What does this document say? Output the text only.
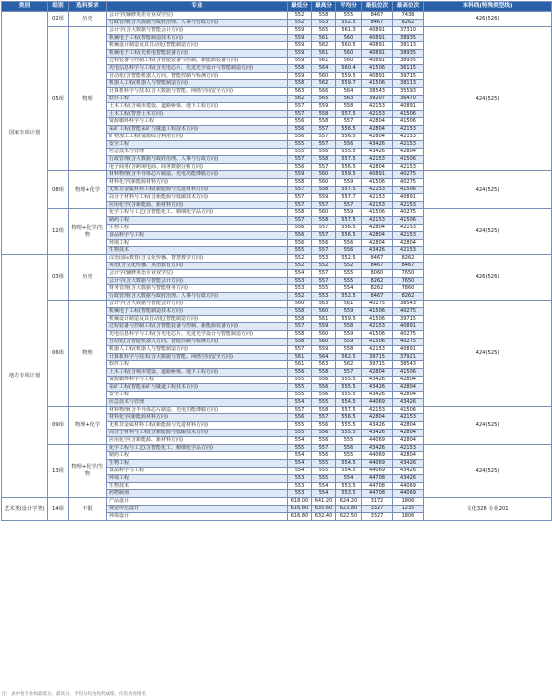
类别	组别	选科要求	专业	最低分	最高分	平均分	最低位次	最高位次	本科线(特殊类型线)
国家专项计划	02组	历史	会计学(辅修英语专业双学位)	552	558	555	8467	7438	426(526)
			行政管理(含大数据与政府治理、人事与行政方向)	552	553	552.5	8467	8262	
	05组	物理	会计学(含大数据与智能会计方向)	559	565	561.3	40891	37310	424(525)
			机械电子工程(智能制造技术方向)	559	561	560	40891	38935	
			机械设计制造及其自动化(智能制造方向)	559	562	560.5	40891	38113	
			机械电子工程(光机电智能装备方向)	559	561	560	40891	38935	
			过程装备与控制工程(含智能装备与控制、新能源装备方向)	559	561	560	40891	38935	
			光电信息科学与工程(含光电芯片、先进光学设计与智能制造方向)	558	564	560.4	41506	36115	
			自动化(含智能机器人方向、智能控制与检测方向)	559	560	559.5	40891	39715	
			机器人工程(机器人与智能制造方向)	558	562	559.7	41506	38113	
			计算机科学与技术(含大数据与智能、网络空间安全方向)	563	566	564	38543	35593	
			软件工程	562	565	563	39207	36470	
			土木工程(含城市建设、道路桥梁、地下工程方向)	557	559	558	42153	40891	
			土木工程(智慧土木方向)	557	558	557.5	42153	41506	
			资源循环科学与工程	556	558	557	42804	41506	
			采矿工程(智能采矿与隧道工程技术方向)	556	557	556.5	42804	42153	
			矿物加工工程(资源综合利用方向)	556	557	556.5	42804	42153	
			安全工程	555	557	556	43426	42153	
			应急技术与管理	555	556	555.5	43426	42804	
			行政管理(含大数据与政府治理、人事与行政方向)	557	558	557.5	42153	41506	
			电子商务(含跨境电商、商务数据分析方向)	556	557	556.5	42804	42153	
	08组	物理+化学	材料物理(含半导体芯片制造、光电功能薄膜方向)	559	560	559.5	40891	40275	424(525)
			材料化学(新能源材料方向)	558	560	559	41506	40275	
			无机非金属材料工程(新能源与先进材料方向)	557	558	557.5	42153	41506	
			高分子材料与工程(含新能源与低碳技术方向)	557	559	557.7	42153	40891	
			应用化学(含新能源、新材料方向)	557	557	557	42153	42153	
	12组	物理+化学/生物	化学工程与工艺(含智能化工、精细化学品方向)	558	560	559	41506	40275	424(525)
			制药工程	557	558	557.5	42153	41506	
			生物工程	556	557	556.5	42804	42153	
			食品科学与工程	556	557	556.5	42804	42153	
			环境工程	556	556	556	42804	42804	
			生物技术	555	557	556	43426	42153	
地方专项计划	03组	历史	汉语国际教育(含文化传播、智慧教学方向)	552	553	552.5	8467	8262	426(526)
			英语(含文化传播、英语教育方向)	552	552	552	8467	8467	
			会计学(辅修英语专业双学位)	554	557	555	8060	7650	
			会计学(含大数据与智能会计方向)	553	557	555	8262	7650	
			财务管理(含大数据与智能财务方向)	553	555	554	8262	7860	
			行政管理(含大数据与政府治理、人事与行政方向)	552	553	552.5	8467	8262	
	06组	物理	会计学(含大数据与智能会计方向)	560	563	561	40275	38543	424(525)
			机械电子工程(智能制造技术方向)	558	560	559	41506	40275	
			机械设计制造及其自动化(智能制造方向)	558	561	559.5	41506	39715	
			过程装备与控制工程(含智能装备与控制、新能源装备方向)	557	559	558	42153	40891	
			光电信息科学与工程(含光电芯片、先进光学设计与智能制造方向)	558	560	559	41506	40275	
			自动化(含智能机器人方向、智能控制与检测方向)	558	560	559	41506	40275	
			机器人工程(机器人与智能制造方向)	557	559	558	42153	40891	
			计算机科学与技术(含大数据与智能、网络空间安全方向)	561	564	562.5	39715	37921	
			软件工程	561	563	562	39715	38543	
			土木工程(含城市建设、道路桥梁、地下工程方向)	556	558	557	42804	41506	
			资源循环科学与工程	555	556	555.5	43426	42804	
			采矿工程(智能采矿与隧道工程技术方向)	555	556	555.5	43426	42804	
			安全工程	555	556	555.5	43426	42804	
			应急技术与管理	554	555	554.5	44069	43426	
	09组	物理+化学	材料物理(含半导体芯片制造、光电功能薄膜方向)	557	558	557.5	42153	41506	424(525)
			材料化学(新能源材料方向)	556	557	556.5	42804	42153	
			无机非金属材料工程(新能源与先进材料方向)	555	556	555.5	43426	42804	
			高分子材料与工程(含新能源与低碳技术方向)	555	556	555.5	43426	42804	
			应用化学(含新能源、新材料方向)	554	556	555	44069	42804	
	13组	物理+化学/生物	化学工程与工艺(含智能化工、精细化学品方向)	555	557	556	43426	42153	424(525)
			制药工程	554	556	555	44069	42804	
			生物工程	554	555	554.5	44069	43426	
			食品科学与工程	554	555	554.5	44069	43426	
			环境工程	553	555	554	44708	43426	
			生物技术	553	554	553.5	44708	44069	
			药物制剂	553	554	553.5	44708	44069	
艺术类(设计学类)	14组	不限	产品设计	618.00	641.20	624.20	3172	1806	文化328 专业201
			视觉传达设计	616.80	635.60	623.80	3327	1235	
			环境设计	616.80	632.40	622.50	3327	1806	
注：表中各专业组最低分、最高分、平均分均为投档成绩，位次为省排名
